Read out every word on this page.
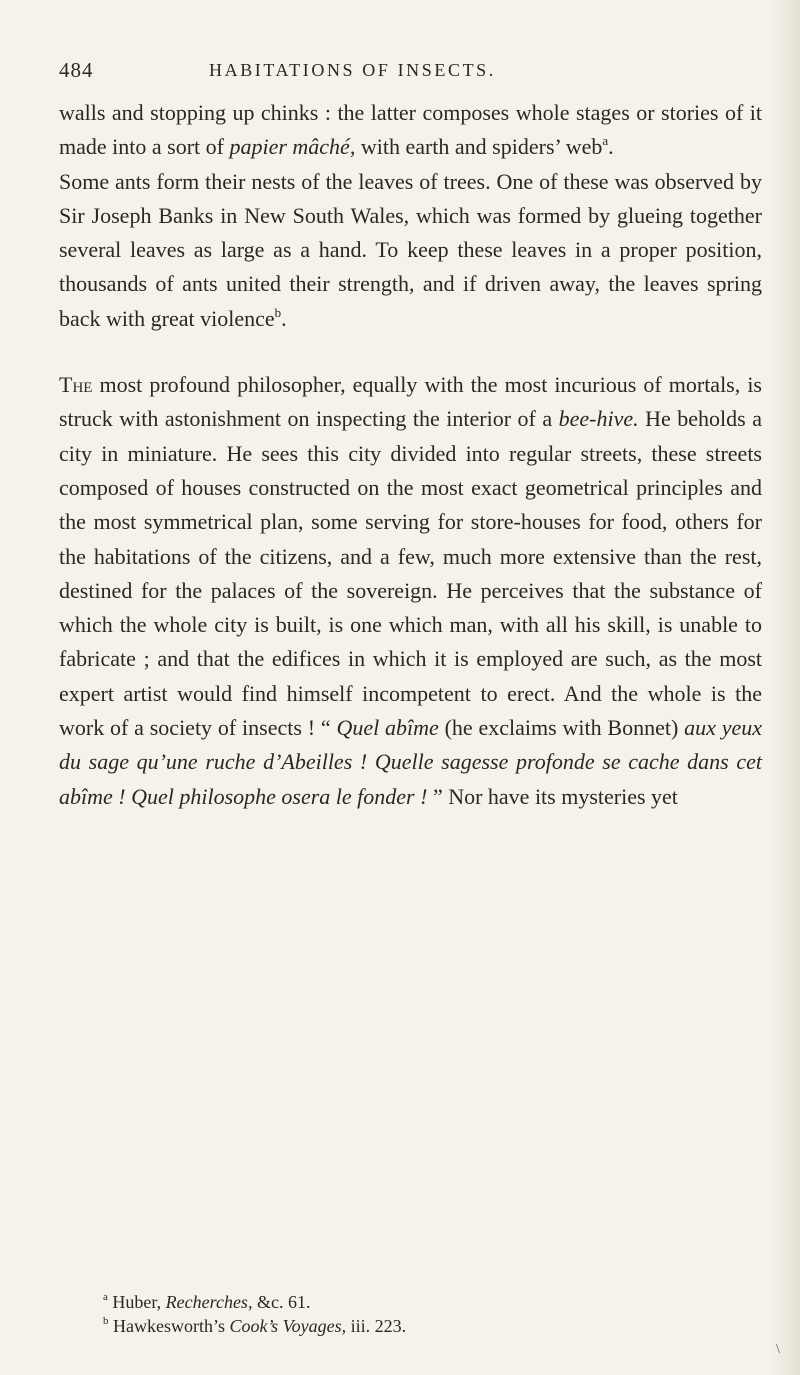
484	HABITATIONS OF INSECTS.

walls and stopping up chinks : the latter composes whole stages or stories of it made into a sort of papier mâché, with earth and spiders’ web$^a$.

Some ants form their nests of the leaves of trees. One of these was observed by Sir Joseph Banks in New South Wales, which was formed by glueing together several leaves as large as a hand. To keep these leaves in a proper position, thousands of ants united their strength, and if driven away, the leaves spring back with great violence$^b$.

The most profound philosopher, equally with the most incurious of mortals, is struck with astonishment on inspecting the interior of a bee-hive. He beholds a city in miniature. He sees this city divided into regular streets, these streets composed of houses constructed on the most exact geometrical principles and the most symmetrical plan, some serving for store-houses for food, others for the habitations of the citizens, and a few, much more extensive than the rest, destined for the palaces of the sovereign. He perceives that the substance of which the whole city is built, is one which man, with all his skill, is unable to fabricate ; and that the edifices in which it is employed are such, as the most expert artist would find himself incompetent to erect. And the whole is the work of a society of insects ! “ Quel abîme (he exclaims with Bonnet) aux yeux du sage qu’une ruche d’Abeilles ! Quelle sagesse profonde se cache dans cet abîme ! Quel philosophe osera le fonder ! ” Nor have its mysteries yet

$^a$ Huber, Recherches, &c. 61.
$^b$ Hawkesworth’s Cook’s Voyages, iii. 223.
\
